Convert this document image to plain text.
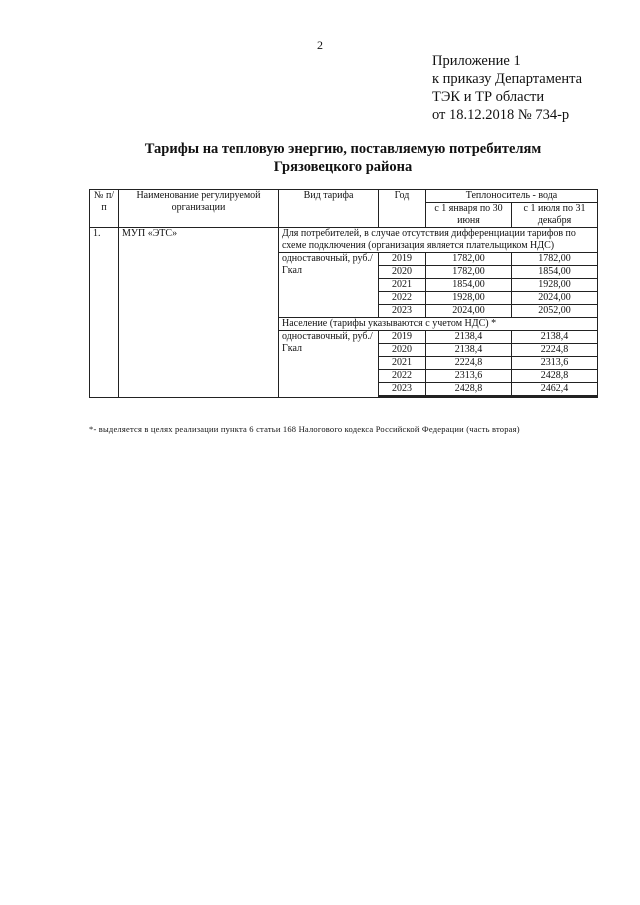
2
Приложение 1
к приказу Департамента
ТЭК и ТР области
от 18.12.2018 № 734-р
Тарифы на тепловую энергию, поставляемую потребителям
Грязовецкого района
№ п/п	Наименование регулируемой организации	Вид тарифа	Год	Теплоноситель - вода	
				с 1 января по 30 июня	с 1 июля по 31 декабря
1.	МУП «ЭТС»	Для потребителей, в случае отсутствия дифференциации тарифов по схеме подключения (организация является плательщиком НДС)			
		одноставочный, руб./Гкал	2019	1782,00	1782,00
			2020	1782,00	1854,00
			2021	1854,00	1928,00
			2022	1928,00	2024,00
			2023	2024,00	2052,00
		Население (тарифы указываются с учетом НДС) *			
		одноставочный, руб./Гкал	2019	2138,4	2138,4
			2020	2138,4	2224,8
			2021	2224,8	2313,6
			2022	2313,6	2428,8
			2023	2428,8	2462,4

*- выделяется в целях реализации пункта 6 статьи 168 Налогового кодекса Российской Федерации (часть вторая)
